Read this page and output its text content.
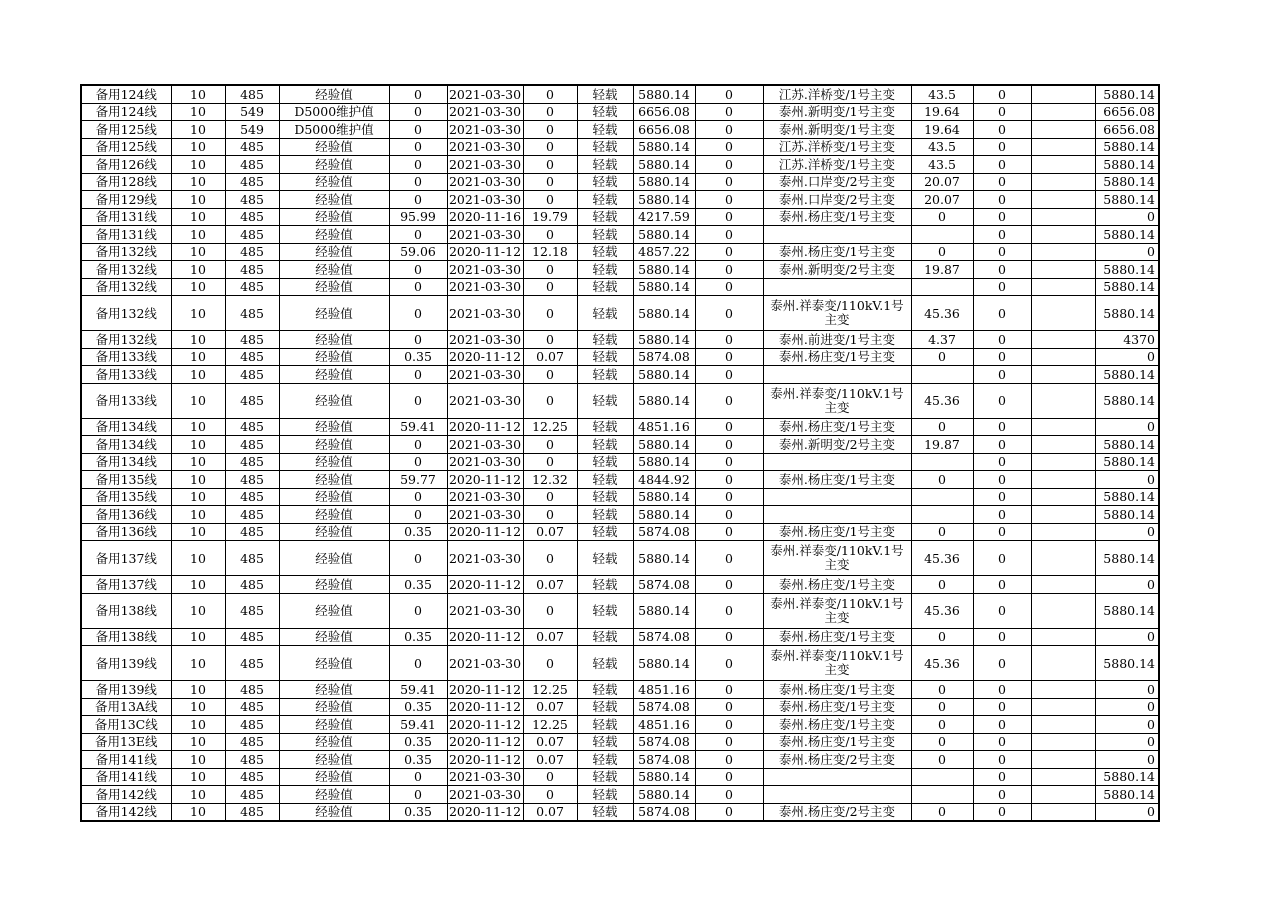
备用124线	10	485	经验值	0	2021-03-30	0	轻载	5880.14	0	江苏.洋桥变/1号主变	43.5	0		5880.14
备用124线	10	549	D5000维护值	0	2021-03-30	0	轻载	6656.08	0	泰州.新明变/1号主变	19.64	0		6656.08
备用125线	10	549	D5000维护值	0	2021-03-30	0	轻载	6656.08	0	泰州.新明变/1号主变	19.64	0		6656.08
备用125线	10	485	经验值	0	2021-03-30	0	轻载	5880.14	0	江苏.洋桥变/1号主变	43.5	0		5880.14
备用126线	10	485	经验值	0	2021-03-30	0	轻载	5880.14	0	江苏.洋桥变/1号主变	43.5	0		5880.14
备用128线	10	485	经验值	0	2021-03-30	0	轻载	5880.14	0	泰州.口岸变/2号主变	20.07	0		5880.14
备用129线	10	485	经验值	0	2021-03-30	0	轻载	5880.14	0	泰州.口岸变/2号主变	20.07	0		5880.14
备用131线	10	485	经验值	95.99	2020-11-16	19.79	轻载	4217.59	0	泰州.杨庄变/1号主变	0	0		0
备用131线	10	485	经验值	0	2021-03-30	0	轻载	5880.14	0			0		5880.14
备用132线	10	485	经验值	59.06	2020-11-12	12.18	轻载	4857.22	0	泰州.杨庄变/1号主变	0	0		0
备用132线	10	485	经验值	0	2021-03-30	0	轻载	5880.14	0	泰州.新明变/2号主变	19.87	0		5880.14
备用132线	10	485	经验值	0	2021-03-30	0	轻载	5880.14	0			0		5880.14
备用132线	10	485	经验值	0	2021-03-30	0	轻载	5880.14	0	泰州.祥泰变/110kV.1号主变	45.36	0		5880.14
备用132线	10	485	经验值	0	2021-03-30	0	轻载	5880.14	0	泰州.前进变/1号主变	4.37	0		4370
备用133线	10	485	经验值	0.35	2020-11-12	0.07	轻载	5874.08	0	泰州.杨庄变/1号主变	0	0		0
备用133线	10	485	经验值	0	2021-03-30	0	轻载	5880.14	0			0		5880.14
备用133线	10	485	经验值	0	2021-03-30	0	轻载	5880.14	0	泰州.祥泰变/110kV.1号主变	45.36	0		5880.14
备用134线	10	485	经验值	59.41	2020-11-12	12.25	轻载	4851.16	0	泰州.杨庄变/1号主变	0	0		0
备用134线	10	485	经验值	0	2021-03-30	0	轻载	5880.14	0	泰州.新明变/2号主变	19.87	0		5880.14
备用134线	10	485	经验值	0	2021-03-30	0	轻载	5880.14	0			0		5880.14
备用135线	10	485	经验值	59.77	2020-11-12	12.32	轻载	4844.92	0	泰州.杨庄变/1号主变	0	0		0
备用135线	10	485	经验值	0	2021-03-30	0	轻载	5880.14	0			0		5880.14
备用136线	10	485	经验值	0	2021-03-30	0	轻载	5880.14	0			0		5880.14
备用136线	10	485	经验值	0.35	2020-11-12	0.07	轻载	5874.08	0	泰州.杨庄变/1号主变	0	0		0
备用137线	10	485	经验值	0	2021-03-30	0	轻载	5880.14	0	泰州.祥泰变/110kV.1号主变	45.36	0		5880.14
备用137线	10	485	经验值	0.35	2020-11-12	0.07	轻载	5874.08	0	泰州.杨庄变/1号主变	0	0		0
备用138线	10	485	经验值	0	2021-03-30	0	轻载	5880.14	0	泰州.祥泰变/110kV.1号主变	45.36	0		5880.14
备用138线	10	485	经验值	0.35	2020-11-12	0.07	轻载	5874.08	0	泰州.杨庄变/1号主变	0	0		0
备用139线	10	485	经验值	0	2021-03-30	0	轻载	5880.14	0	泰州.祥泰变/110kV.1号主变	45.36	0		5880.14
备用139线	10	485	经验值	59.41	2020-11-12	12.25	轻载	4851.16	0	泰州.杨庄变/1号主变	0	0		0
备用13A线	10	485	经验值	0.35	2020-11-12	0.07	轻载	5874.08	0	泰州.杨庄变/1号主变	0	0		0
备用13C线	10	485	经验值	59.41	2020-11-12	12.25	轻载	4851.16	0	泰州.杨庄变/1号主变	0	0		0
备用13E线	10	485	经验值	0.35	2020-11-12	0.07	轻载	5874.08	0	泰州.杨庄变/1号主变	0	0		0
备用141线	10	485	经验值	0.35	2020-11-12	0.07	轻载	5874.08	0	泰州.杨庄变/2号主变	0	0		0
备用141线	10	485	经验值	0	2021-03-30	0	轻载	5880.14	0			0		5880.14
备用142线	10	485	经验值	0	2021-03-30	0	轻载	5880.14	0			0		5880.14
备用142线	10	485	经验值	0.35	2020-11-12	0.07	轻载	5874.08	0	泰州.杨庄变/2号主变	0	0		0
